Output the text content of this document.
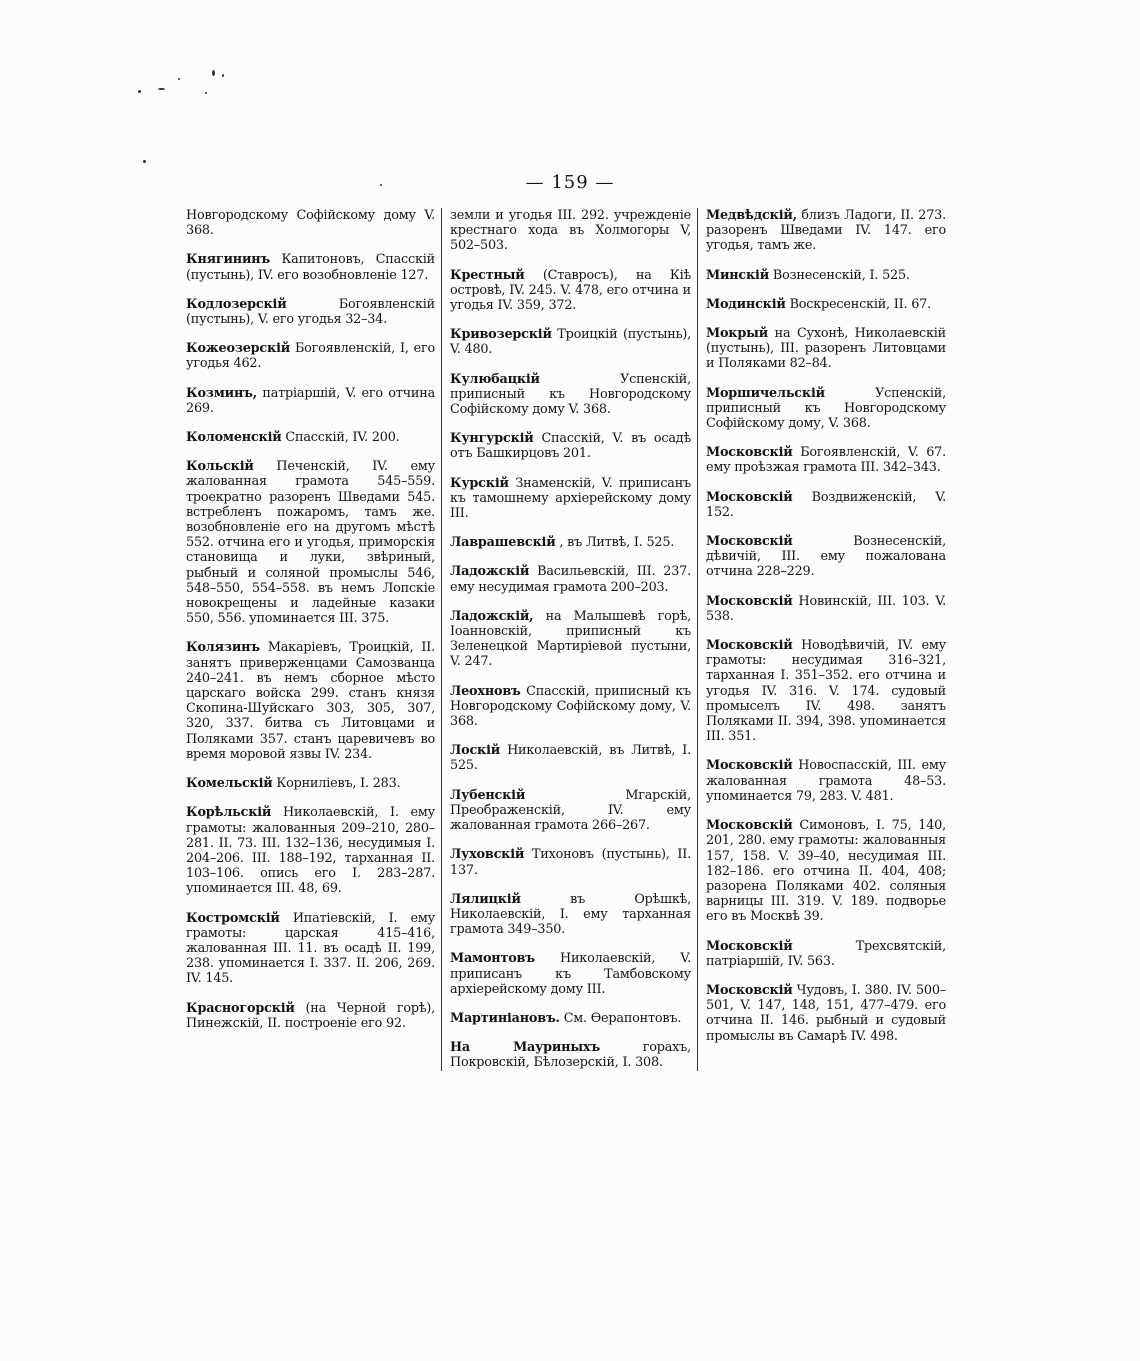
— 159 —

Новгородскому Софійскому дому V. 368.

Княгининъ Капитоновъ, Спасскій (пустынь), IV. его возобновленіе 127.

Кодлозерскій	Богоявленскій (пустынь), V. его угодья 32–34.

Кожеозерскій Богоявленскій, I, его угодья 462.

Козминъ, патріаршій, V. его отчина 269.

Коломенскій Спасскій, IV. 200.

Кольскій Печенскій, IV. ему жалованная грамота 545–559. троекратно разоренъ Шведами 545. встребленъ пожаромъ, тамъ же. возобновленіе его на другомъ мѣстѣ 552. отчина его и угодья, приморскія становища и луки, звѣриный, рыбный и соляной промыслы 546, 548–550, 554–558. въ немъ Лопскіе новокрещены и ладейные казаки 550, 556. упоминается III. 375.

Колязинъ Макаріевъ, Троицкій, II. занятъ приверженцами Самозванца 240–241. въ немъ сборное мѣсто царскаго войска 299. станъ князя Скопина-Шуйскаго 303, 305, 307, 320, 337. битва съ Литовцами и Поляками 357. станъ царевичевъ во время моровой язвы IV. 234.

Комельскій Корниліевъ, I. 283.

Корѣльскій Николаевскій, I. ему грамоты: жалованныя 209–210, 280–281. II. 73. III. 132–136, несудимыя I. 204–206. III. 188–192, тарханная II. 103–106. опись его I. 283–287. упоминается III. 48, 69.

Костромскій Ипатіевскій, I. ему грамоты: царская 415–416, жалованная III. 11. въ осадѣ II. 199, 238. упоминается I. 337. II. 206, 269. IV. 145.

Красногорскій (на Черной горѣ), Пинежскій, II. построеніе его 92.

земли и угодья III. 292. учрежденіе крестнаго хода въ Холмогоры V, 502–503.

Крестный (Ставросъ), на Кіѣ островѣ, IV. 245. V. 478, его отчина и угодья IV. 359, 372.

Кривозерскій Троицкій (пустынь), V. 480.

Кулюбацкій	Успенскій, приписный къ Новгородскому Софійскому дому V. 368.

Кунгурскій Спасскій, V. въ осадѣ отъ Башкирцовъ 201.

Курскій Знаменскій, V. приписанъ къ тамошнему архіерейскому дому III.

Лаврашевскій , въ Литвѣ, I. 525.

Ладожскій Васильевскій, III. 237. ему несудимая грамота 200–203.

Ладожскій, на Малышевѣ горѣ, Іоанновскій, приписный къ Зеленецкой Мартиріевой пустыни, V. 247.

Леохновъ Спасскій, приписный къ Новгородскому Софійскому дому, V. 368.

Лоскій Николаевскій, въ Литвѣ, I. 525.

Лубенскій	Мгарскій, Преображенскій, IV. ему жалованная грамота 266–267.

Луховскій Тихоновъ (пустынь), II. 137.

Лялицкій	въ Орѣшкѣ, Николаевскій, I. ему тарханная грамота 349–350.

Мамонтовъ Николаевскій, V. приписанъ къ Тамбовскому архіерейскому дому III.

Мартиніановъ. См. Ѳерапонтовъ.

На Мауриныхъ	горахъ, Покровскій, Бѣлозерскій, I. 308.

Медвѣдскій, близъ Ладоги, II. 273. разоренъ Шведами IV. 147. его угодья, тамъ же.

Минскій Вознесенскій, I. 525.

Модинскій Воскресенскій, II. 67.

Мокрый на Сухонѣ, Николаевскій (пустынь), III. разоренъ Литовцами и Поляками 82–84.

Моршичельскій	Успенскій, приписный къ Новгородскому Софійскому дому, V. 368.

Московскій Богоявленскій, V. 67. ему проѣзжая грамота III. 342–343.

Московскій Воздвиженскій, V. 152.

Московскій	Вознесенскій, дѣвичій, III. ему пожалована отчина 228–229.

Московскій Новинскій, III. 103. V. 538.

Московскій Новодѣвичій, IV. ему грамоты: несудимая 316–321, тарханная I. 351–352. его отчина и угодья IV. 316. V. 174. судовый промыселъ IV. 498. занятъ Поляками II. 394, 398. упоминается III. 351.

Московскій Новоспасскій, III. ему жалованная грамота 48–53. упоминается 79, 283. V. 481.

Московскій Симоновъ, I. 75, 140, 201, 280. ему грамоты: жалованныя 157, 158. V. 39–40, несудимая III. 182–186. его отчина II. 404, 408; разорена Поляками 402. соляныя варницы III. 319. V. 189. подворье его въ Москвѣ 39.

Московскій	Трехсвятскій, патріаршій, IV. 563.

Московскій Чудовъ, I. 380. IV. 500–501, V. 147, 148, 151, 477–479. его отчина II. 146. рыбный и судовый промыслы въ Самарѣ IV. 498.
